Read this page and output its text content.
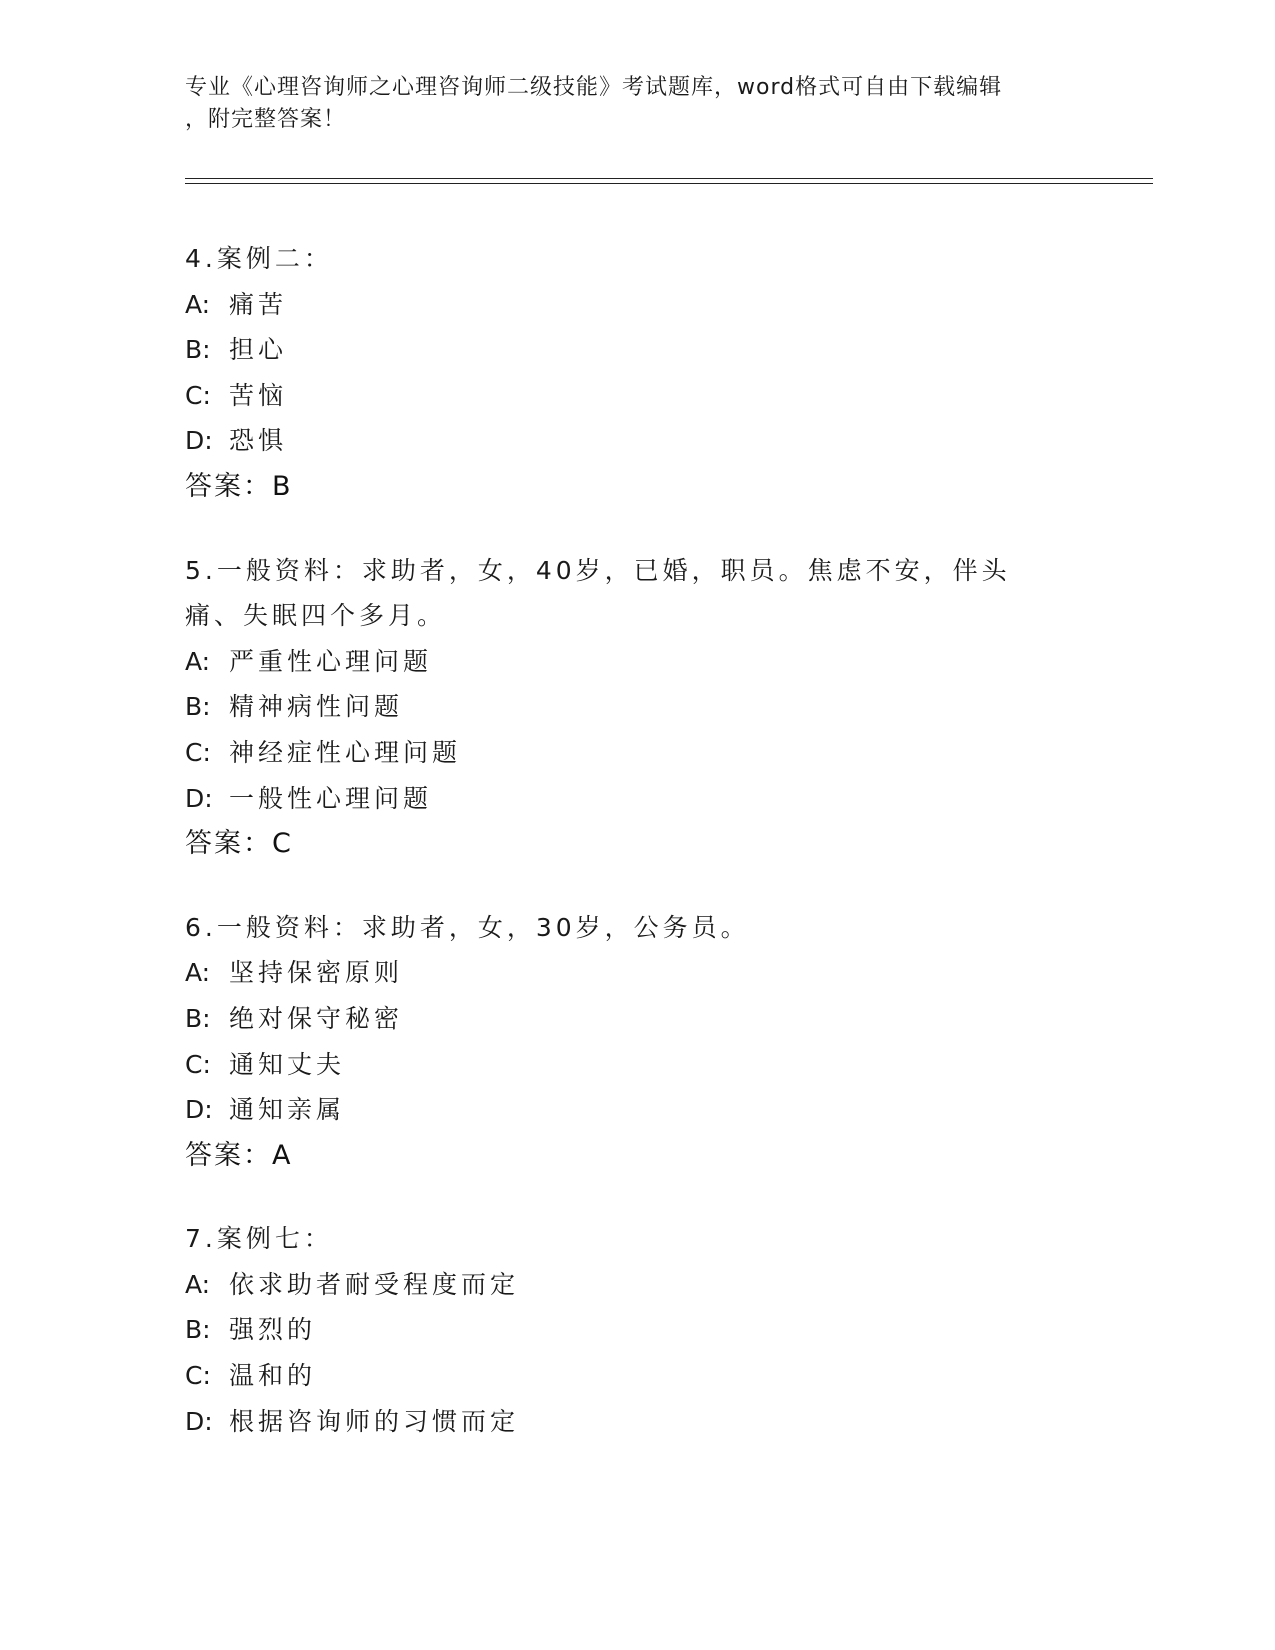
专业《心理咨询师之心理咨询师二级技能》考试题库，word格式可自由下载编辑
，附完整答案！
4.案例二：
A: 痛苦
B: 担心
C: 苦恼
D: 恐惧
答案：B
5.一般资料：求助者，女，40岁，已婚，职员。焦虑不安，伴头痛、失眠四个多月。
A: 严重性心理问题
B: 精神病性问题
C: 神经症性心理问题
D: 一般性心理问题
答案：C
6.一般资料：求助者，女，30岁，公务员。
A: 坚持保密原则
B: 绝对保守秘密
C: 通知丈夫
D: 通知亲属
答案：A
7.案例七：
A: 依求助者耐受程度而定
B: 强烈的
C: 温和的
D: 根据咨询师的习惯而定
